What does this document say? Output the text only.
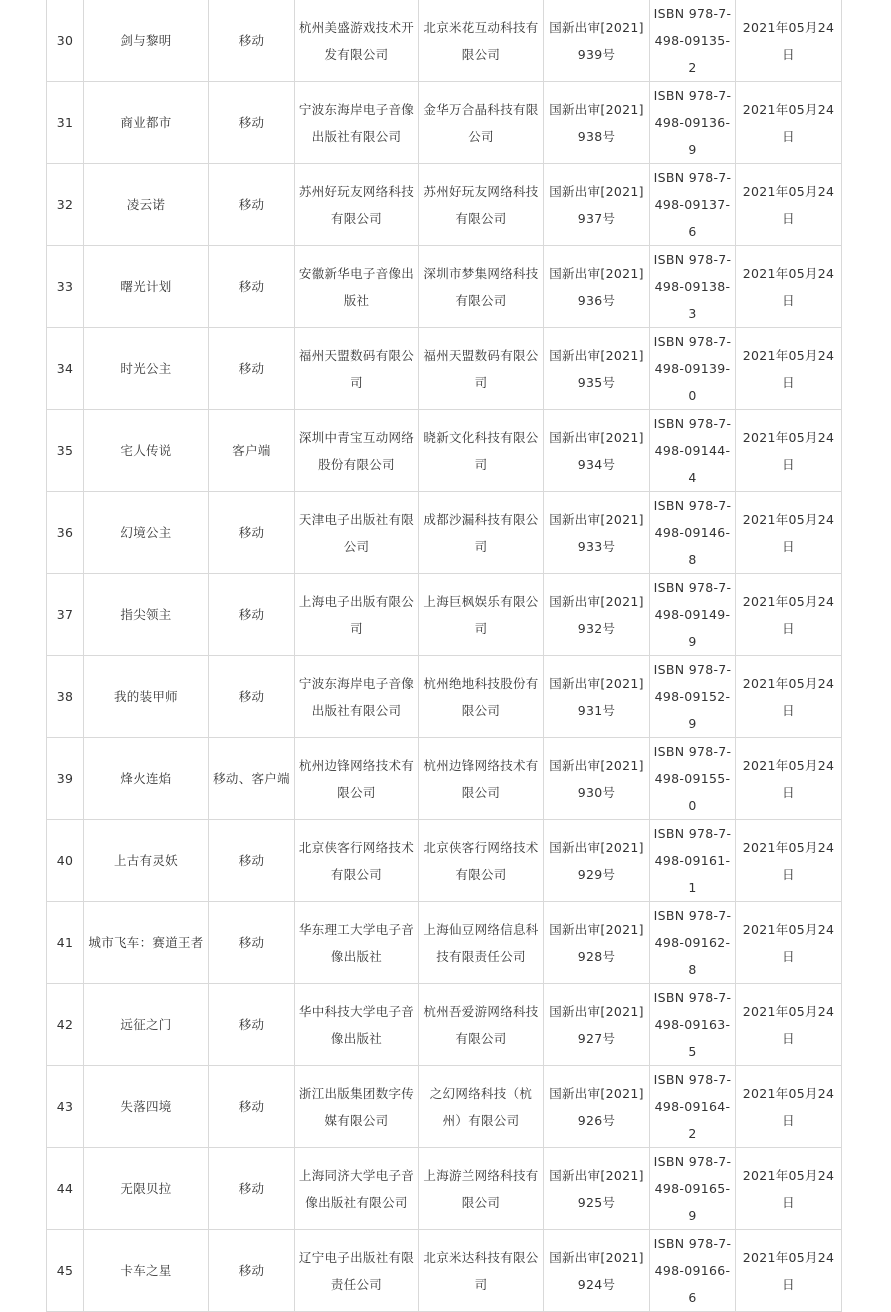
30	剑与黎明	移动	杭州美盛游戏技术开发有限公司	北京米花互动科技有限公司	国新出审[2021]939号	ISBN 978-7-498-09135-2	2021年05月24日

31	商业都市	移动	宁波东海岸电子音像出版社有限公司	金华万合晶科技有限公司	国新出审[2021]938号	ISBN 978-7-498-09136-9	2021年05月24日

32	凌云诺	移动	苏州好玩友网络科技有限公司	苏州好玩友网络科技有限公司	国新出审[2021]937号	ISBN 978-7-498-09137-6	2021年05月24日

33	曙光计划	移动	安徽新华电子音像出版社	深圳市梦集网络科技有限公司	国新出审[2021]936号	ISBN 978-7-498-09138-3	2021年05月24日

34	时光公主	移动	福州天盟数码有限公司	福州天盟数码有限公司	国新出审[2021]935号	ISBN 978-7-498-09139-0	2021年05月24日

35	宅人传说	客户端	深圳中青宝互动网络股份有限公司	晓新文化科技有限公司	国新出审[2021]934号	ISBN 978-7-498-09144-4	2021年05月24日

36	幻境公主	移动	天津电子出版社有限公司	成都沙漏科技有限公司	国新出审[2021]933号	ISBN 978-7-498-09146-8	2021年05月24日

37	指尖领主	移动	上海电子出版有限公司	上海巨枫娱乐有限公司	国新出审[2021]932号	ISBN 978-7-498-09149-9	2021年05月24日

38	我的装甲师	移动	宁波东海岸电子音像出版社有限公司	杭州绝地科技股份有限公司	国新出审[2021]931号	ISBN 978-7-498-09152-9	2021年05月24日

39	烽火连焰	移动、客户端	杭州边锋网络技术有限公司	杭州边锋网络技术有限公司	国新出审[2021]930号	ISBN 978-7-498-09155-0	2021年05月24日

40	上古有灵妖	移动	北京侠客行网络技术有限公司	北京侠客行网络技术有限公司	国新出审[2021]929号	ISBN 978-7-498-09161-1	2021年05月24日

41	城市飞车：赛道王者	移动	华东理工大学电子音像出版社	上海仙豆网络信息科技有限责任公司	国新出审[2021]928号	ISBN 978-7-498-09162-8	2021年05月24日

42	远征之门	移动	华中科技大学电子音像出版社	杭州吾爱游网络科技有限公司	国新出审[2021]927号	ISBN 978-7-498-09163-5	2021年05月24日

43	失落四境	移动	浙江出版集团数字传媒有限公司	之幻网络科技（杭州）有限公司	国新出审[2021]926号	ISBN 978-7-498-09164-2	2021年05月24日

44	无限贝拉	移动	上海同济大学电子音像出版社有限公司	上海游兰网络科技有限公司	国新出审[2021]925号	ISBN 978-7-498-09165-9	2021年05月24日

45	卡车之星	移动	辽宁电子出版社有限责任公司	北京米达科技有限公司	国新出审[2021]924号	ISBN 978-7-498-09166-6	2021年05月24日
